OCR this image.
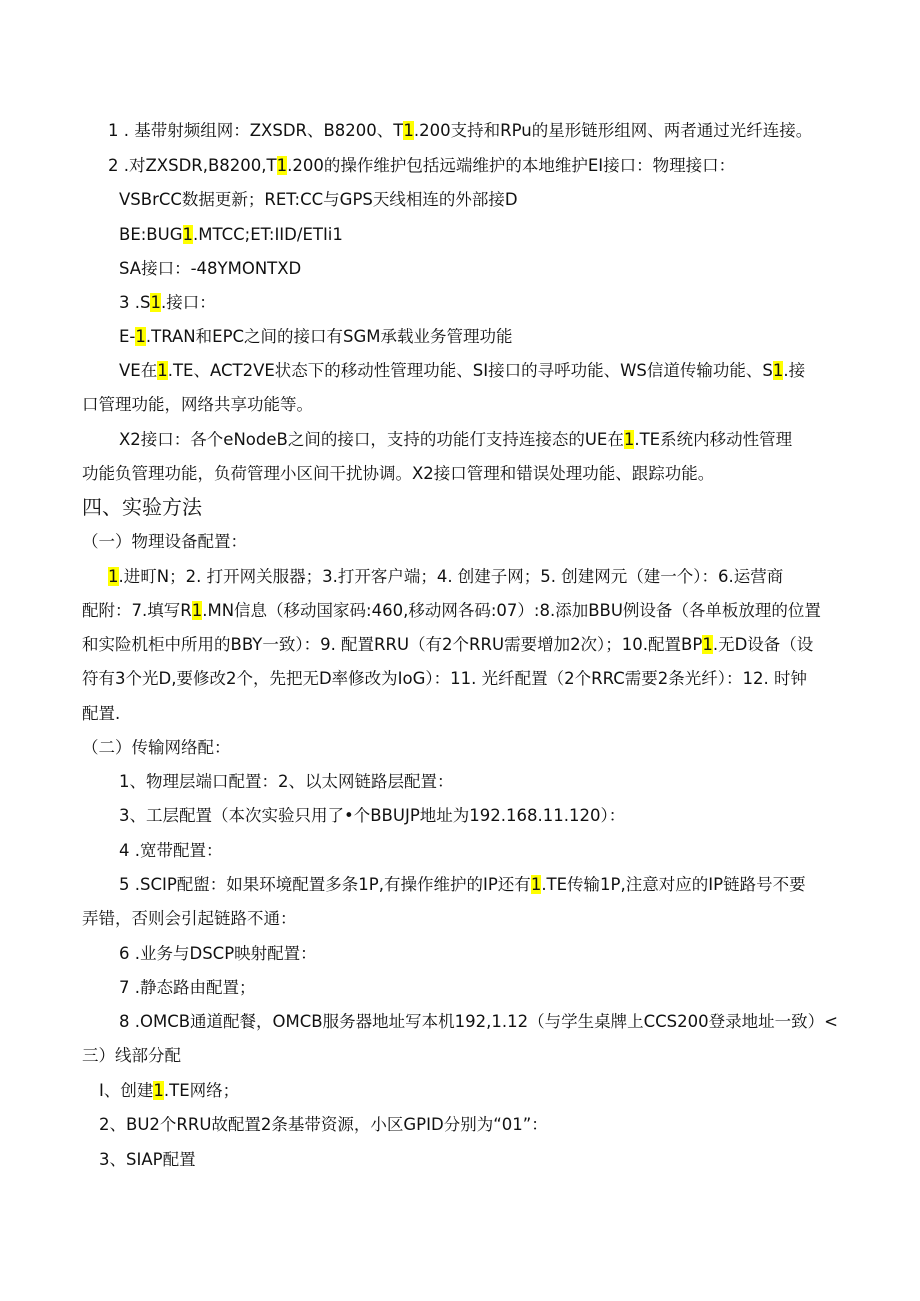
1 . 基带射频组网：ZXSDR、B8200、T1.200支持和RPu的星形链形组网、两者通过光纤连接。
2 .对ZXSDR,B8200,T1.200的操作维护包括远端维护的本地维护EI接口：物理接口：
VSBrCC数据更新；RET:CC与GPS天线相连的外部接D
BE:BUG1.MTCC;ET:IID/ETIi1
SA接口：-48YMONTXD
3 .S1.接口：
E-1.TRAN和EPC之间的接口有SGM承载业务管理功能
VE在1.TE、ACT2VE状态下的移动性管理功能、SI接口的寻呼功能、WS信道传输功能、S1.接
口管理功能，网络共享功能等。
X2接口：各个eNodeB之间的接口，支持的功能仃支持连接态的UE在1.TE系统内移动性管理
功能负管理功能，负荷管理小区间干扰协调。X2接口管理和错误处理功能、跟踪功能。
四、实验方法
（一）物理设备配置：
1.进町N；2. 打开网关服器；3.打开客户端；4. 创建子网；5. 创建网元（建一个）：6.运营商
配附：7.填写R1.MN信息（移动国家码:460,移动网各码:07）:8.添加BBU例设备（各单板放理的位置
和实险机柜中所用的BBY一致）：9. 配置RRU（有2个RRU需要增加2次）；10.配置BP1.无D设备（设
符有3个光D,要修改2个，先把无D率修改为IoG）：11. 光纤配置（2个RRC需要2条光纤）：12. 时钟
配置.
（二）传输网络配：
1、物理层端口配置：2、以太网链路层配置：
3、工层配置（本次实验只用了•个BBUJP地址为192.168.11.120）：
4 .宽带配置：
5 .SCIP配盥：如果环境配置多条1P,有操作维护的IP还有1.TE传输1P,注意对应的IP链路号不要
弄错，否则会引起链路不通：
6 .业务与DSCP映射配置：
7 .静态路由配置；
8 .OMCB通道配餐，OMCB服务器地址写本机192,1.12（与学生桌牌上CCS200登录地址一致）<
三）线部分配
I、创建1.TE网络；
2、BU2个RRU故配置2条基带资源，小区GPID分别为“01”：
3、SIAP配置
